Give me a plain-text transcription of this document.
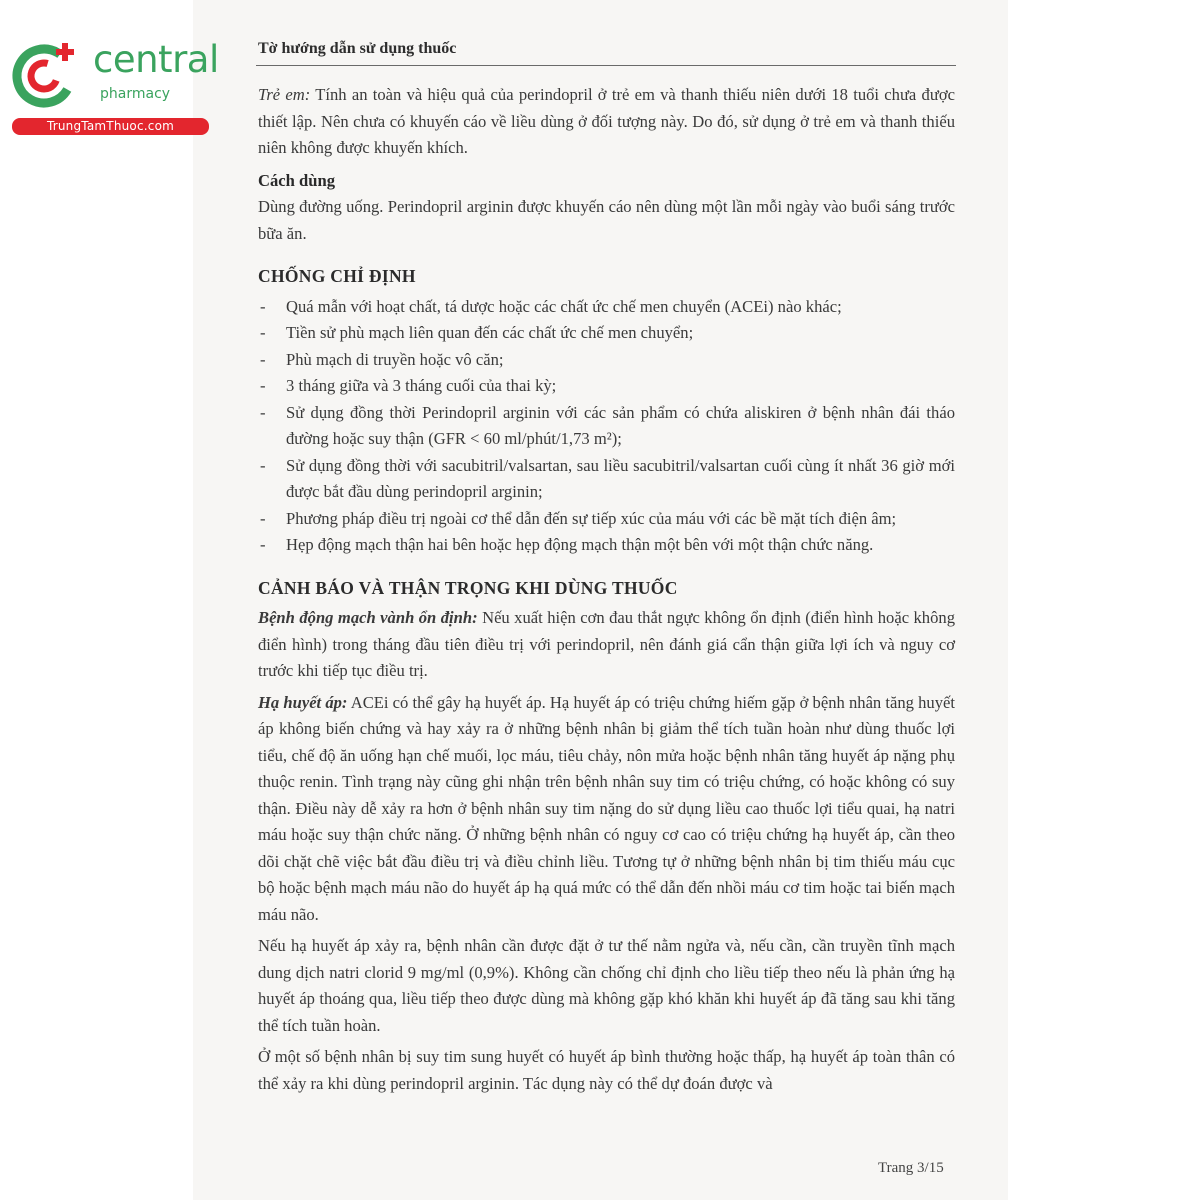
central
pharmacy
TrungTamThuoc.com
Tờ hướng dẫn sử dụng thuốc

Trẻ em: Tính an toàn và hiệu quả của perindopril ở trẻ em và thanh thiếu niên dưới 18 tuổi chưa được thiết lập. Nên chưa có khuyến cáo về liều dùng ở đối tượng này. Do đó, sử dụng ở trẻ em và thanh thiếu niên không được khuyến khích.

Cách dùng

Dùng đường uống. Perindopril arginin được khuyến cáo nên dùng một lần mỗi ngày vào buổi sáng trước bữa ăn.

CHỐNG CHỈ ĐỊNH

- Quá mẫn với hoạt chất, tá dược hoặc các chất ức chế men chuyển (ACEi) nào khác;
- Tiền sử phù mạch liên quan đến các chất ức chế men chuyển;
- Phù mạch di truyền hoặc vô căn;
- 3 tháng giữa và 3 tháng cuối của thai kỳ;
- Sử dụng đồng thời Perindopril arginin với các sản phẩm có chứa aliskiren ở bệnh nhân đái tháo đường hoặc suy thận (GFR < 60 ml/phút/1,73 m²);
- Sử dụng đồng thời với sacubitril/valsartan, sau liều sacubitril/valsartan cuối cùng ít nhất 36 giờ mới được bắt đầu dùng perindopril arginin;
- Phương pháp điều trị ngoài cơ thể dẫn đến sự tiếp xúc của máu với các bề mặt tích điện âm;
- Hẹp động mạch thận hai bên hoặc hẹp động mạch thận một bên với một thận chức năng.

CẢNH BÁO VÀ THẬN TRỌNG KHI DÙNG THUỐC

Bệnh động mạch vành ổn định: Nếu xuất hiện cơn đau thắt ngực không ổn định (điển hình hoặc không điển hình) trong tháng đầu tiên điều trị với perindopril, nên đánh giá cẩn thận giữa lợi ích và nguy cơ trước khi tiếp tục điều trị.

Hạ huyết áp: ACEi có thể gây hạ huyết áp. Hạ huyết áp có triệu chứng hiếm gặp ở bệnh nhân tăng huyết áp không biến chứng và hay xảy ra ở những bệnh nhân bị giảm thể tích tuần hoàn như dùng thuốc lợi tiểu, chế độ ăn uống hạn chế muối, lọc máu, tiêu chảy, nôn mửa hoặc bệnh nhân tăng huyết áp nặng phụ thuộc renin. Tình trạng này cũng ghi nhận trên bệnh nhân suy tim có triệu chứng, có hoặc không có suy thận. Điều này dễ xảy ra hơn ở bệnh nhân suy tim nặng do sử dụng liều cao thuốc lợi tiểu quai, hạ natri máu hoặc suy thận chức năng. Ở những bệnh nhân có nguy cơ cao có triệu chứng hạ huyết áp, cần theo dõi chặt chẽ việc bắt đầu điều trị và điều chỉnh liều. Tương tự ở những bệnh nhân bị tim thiếu máu cục bộ hoặc bệnh mạch máu não do huyết áp hạ quá mức có thể dẫn đến nhồi máu cơ tim hoặc tai biến mạch máu não.

Nếu hạ huyết áp xảy ra, bệnh nhân cần được đặt ở tư thế nằm ngửa và, nếu cần, cần truyền tĩnh mạch dung dịch natri clorid 9 mg/ml (0,9%). Không cần chống chỉ định cho liều tiếp theo nếu là phản ứng hạ huyết áp thoáng qua, liều tiếp theo được dùng mà không gặp khó khăn khi huyết áp đã tăng sau khi tăng thể tích tuần hoàn.

Ở một số bệnh nhân bị suy tim sung huyết có huyết áp bình thường hoặc thấp, hạ huyết áp toàn thân có thể xảy ra khi dùng perindopril arginin. Tác dụng này có thể dự đoán được và

Trang 3/15
